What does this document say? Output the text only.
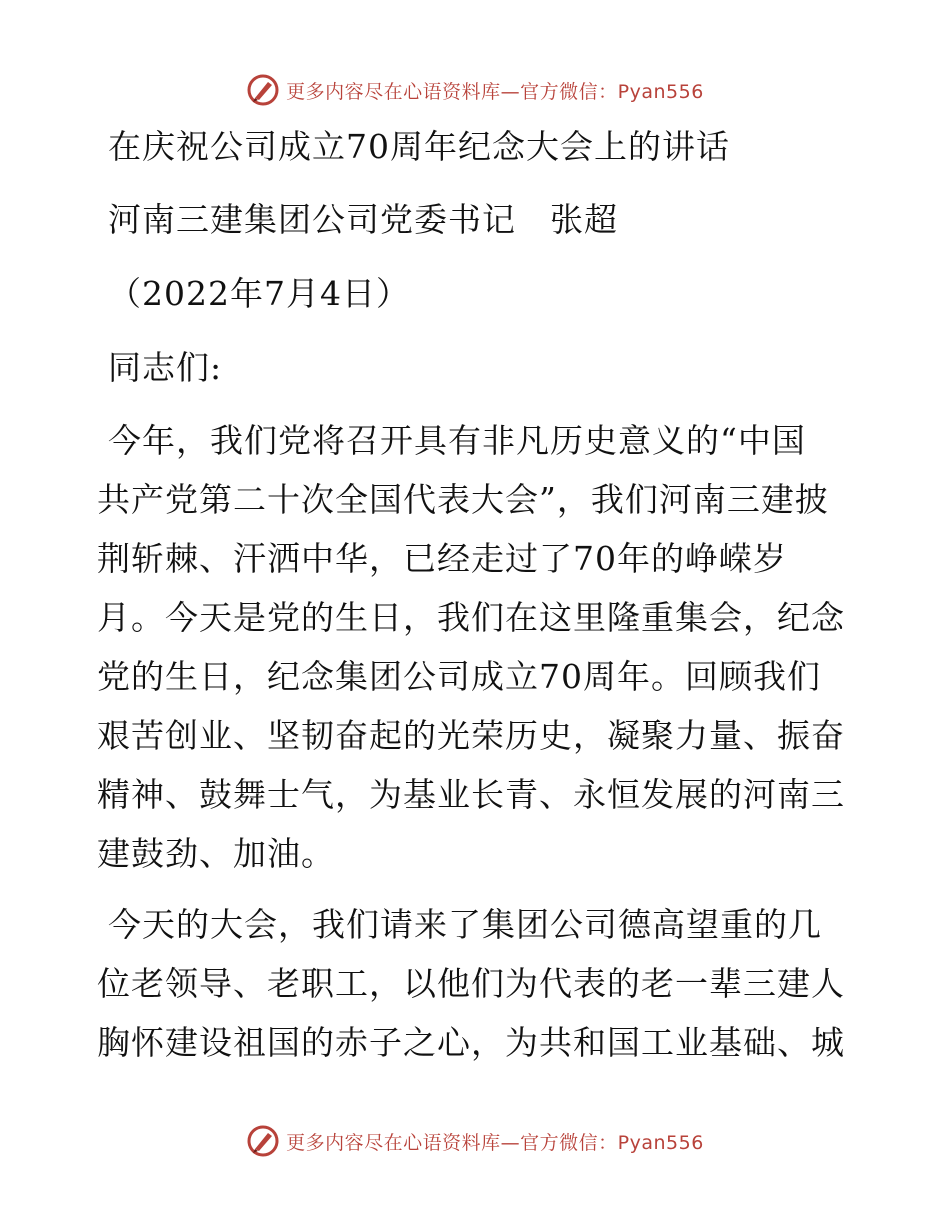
更多内容尽在心语资料库—官方微信：Pyan556
在庆祝公司成立70周年纪念大会上的讲话
河南三建集团公司党委书记　张超
（2022年7月4日）
同志们:
今年，我们党将召开具有非凡历史意义的“中国
共产党第二十次全国代表大会”，我们河南三建披
荆斩棘、汗洒中华，已经走过了70年的峥嵘岁
月。今天是党的生日，我们在这里隆重集会，纪念
党的生日，纪念集团公司成立70周年。回顾我们
艰苦创业、坚韧奋起的光荣历史，凝聚力量、振奋
精神、鼓舞士气，为基业长青、永恒发展的河南三
建鼓劲、加油。
今天的大会，我们请来了集团公司德高望重的几
位老领导、老职工，以他们为代表的老一辈三建人
胸怀建设祖国的赤子之心，为共和国工业基础、城
更多内容尽在心语资料库—官方微信：Pyan556
